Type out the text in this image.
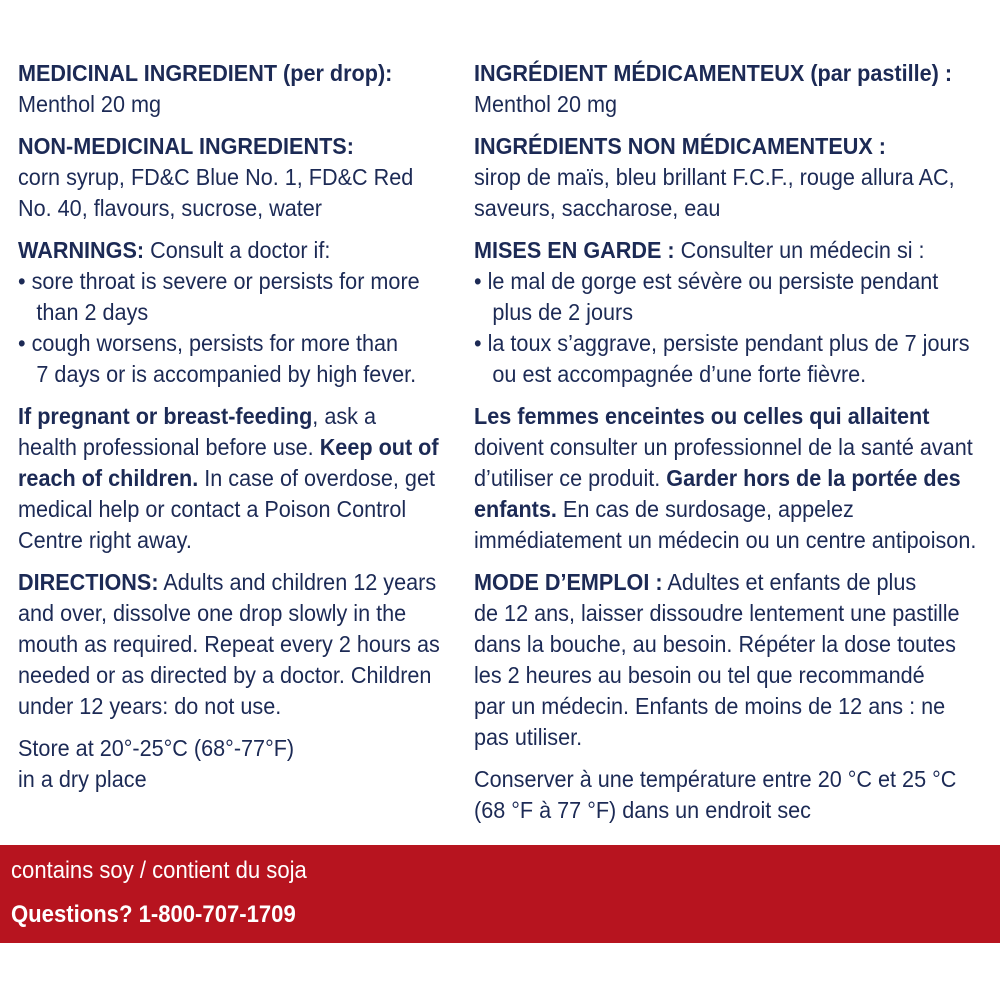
MEDICINAL INGREDIENT (per drop):

Menthol 20 mg

NON-MEDICINAL INGREDIENTS:

corn syrup, FD&C Blue No. 1, FD&C Red

No. 40, flavours, sucrose, water

WARNINGS: Consult a doctor if:

• sore throat is severe or persists for more

than 2 days

• cough worsens, persists for more than

7 days or is accompanied by high fever.

If pregnant or breast-feeding, ask a

health professional before use. Keep out of

reach of children. In case of overdose, get

medical help or contact a Poison Control

Centre right away.

DIRECTIONS: Adults and children 12 years

and over, dissolve one drop slowly in the

mouth as required. Repeat every 2 hours as

needed or as directed by a doctor. Children

under 12 years: do not use.

Store at 20°-25°C (68°-77°F)

in a dry place

INGRÉDIENT MÉDICAMENTEUX (par pastille) :

Menthol 20 mg

INGRÉDIENTS NON MÉDICAMENTEUX :

sirop de maïs, bleu brillant F.C.F., rouge allura AC,

saveurs, saccharose, eau

MISES EN GARDE : Consulter un médecin si :

• le mal de gorge est sévère ou persiste pendant

plus de 2 jours

• la toux s’aggrave, persiste pendant plus de 7 jours

ou est accompagnée d’une forte fièvre.

Les femmes enceintes ou celles qui allaitent

doivent consulter un professionnel de la santé avant

d’utiliser ce produit. Garder hors de la portée des

enfants. En cas de surdosage, appelez

immédiatement un médecin ou un centre antipoison.

MODE D’EMPLOI : Adultes et enfants de plus

de 12 ans, laisser dissoudre lentement une pastille

dans la bouche, au besoin. Répéter la dose toutes

les 2 heures au besoin ou tel que recommandé

par un médecin. Enfants de moins de 12 ans : ne

pas utiliser.

Conserver à une température entre 20 °C et 25 °C

(68 °F à 77 °F) dans un endroit sec

contains soy / contient du soja
Questions? 1-800-707-1709
